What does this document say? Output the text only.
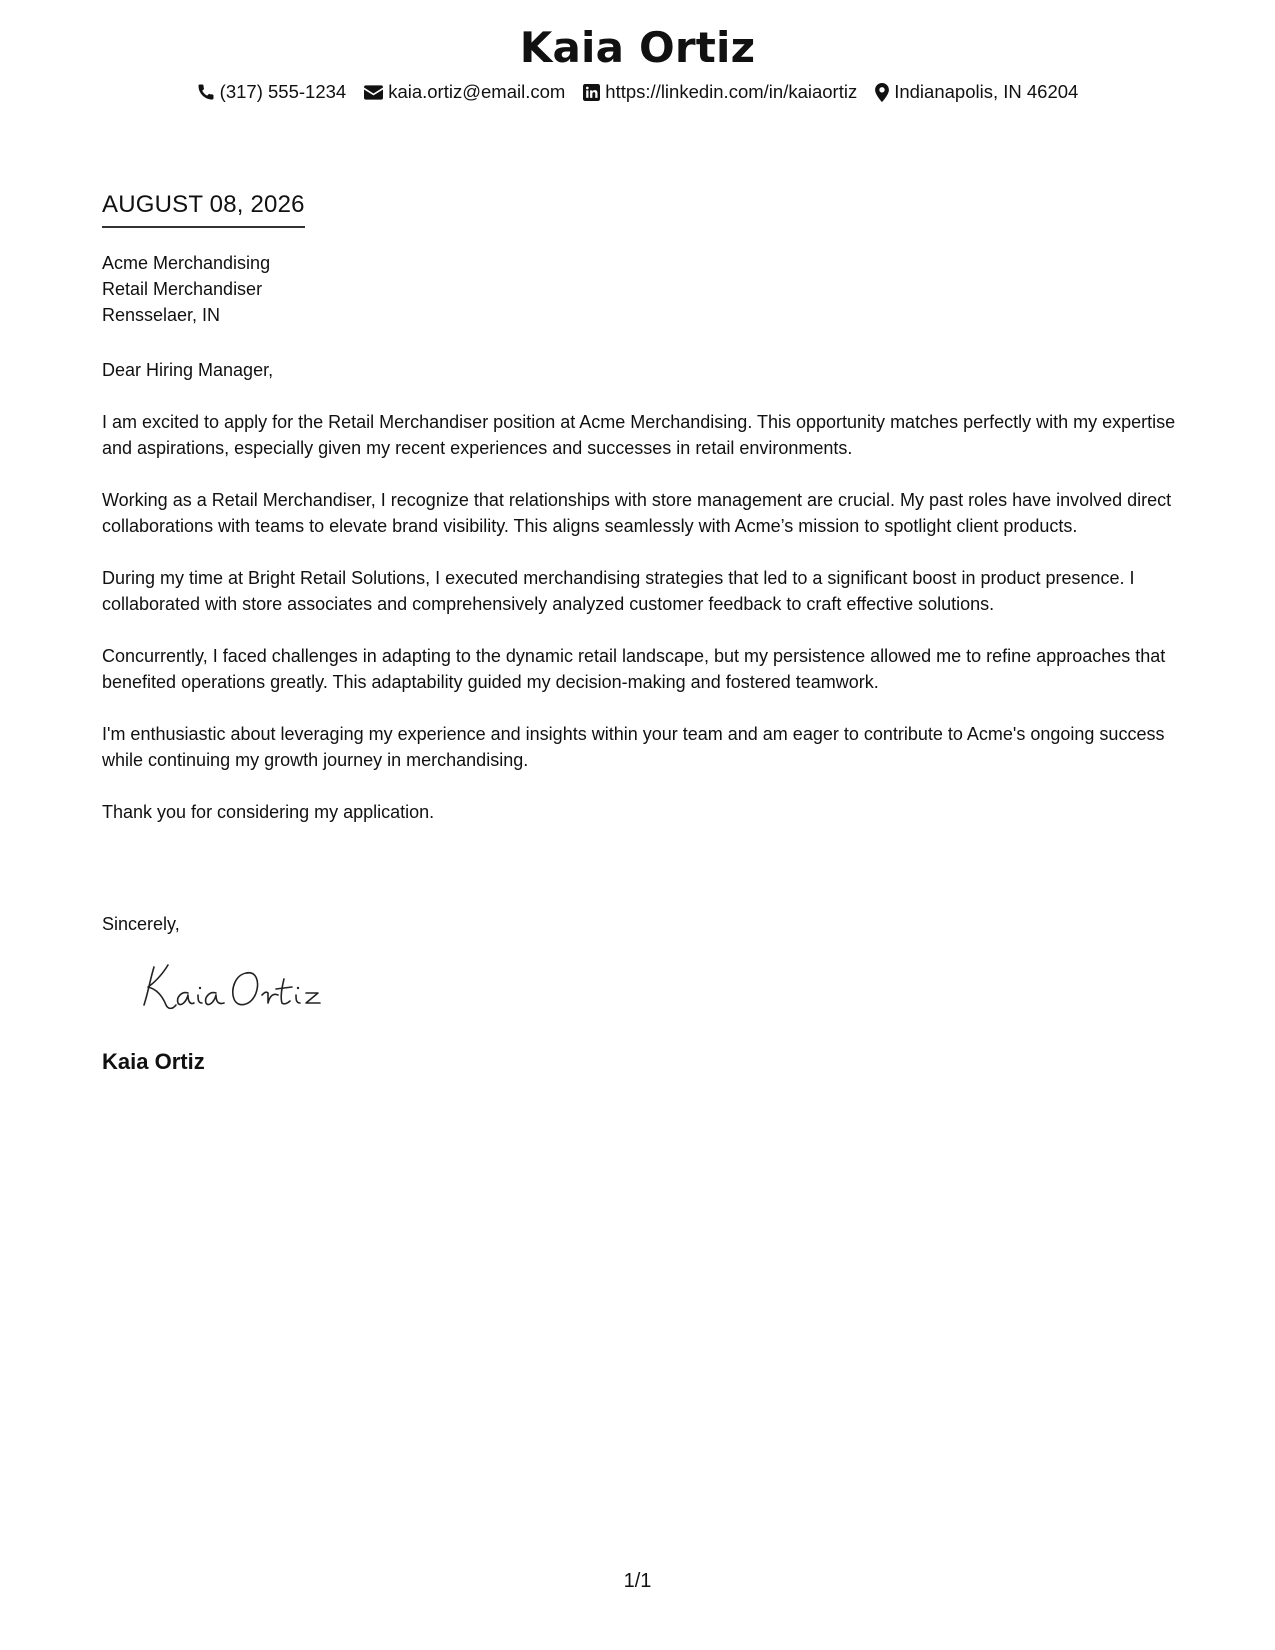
Kaia Ortiz
(317) 555-1234 kaia.ortiz@email.com https://linkedin.com/in/kaiaortiz Indianapolis, IN 46204
AUGUST 08, 2026
Acme Merchandising
Retail Merchandiser
Rensselaer, IN

Dear Hiring Manager,

I am excited to apply for the Retail Merchandiser position at Acme Merchandising. This opportunity matches perfectly with my expertise and aspirations, especially given my recent experiences and successes in retail environments.

Working as a Retail Merchandiser, I recognize that relationships with store management are crucial. My past roles have involved direct collaborations with teams to elevate brand visibility. This aligns seamlessly with Acme’s mission to spotlight client products.

During my time at Bright Retail Solutions, I executed merchandising strategies that led to a significant boost in product presence. I collaborated with store associates and comprehensively analyzed customer feedback to craft effective solutions.

Concurrently, I faced challenges in adapting to the dynamic retail landscape, but my persistence allowed me to refine approaches that benefited operations greatly. This adaptability guided my decision-making and fostered teamwork.

I'm enthusiastic about leveraging my experience and insights within your team and am eager to contribute to Acme's ongoing success while continuing my growth journey in merchandising.

Thank you for considering my application.

Sincerely,
Kaia Ortiz
1/1
